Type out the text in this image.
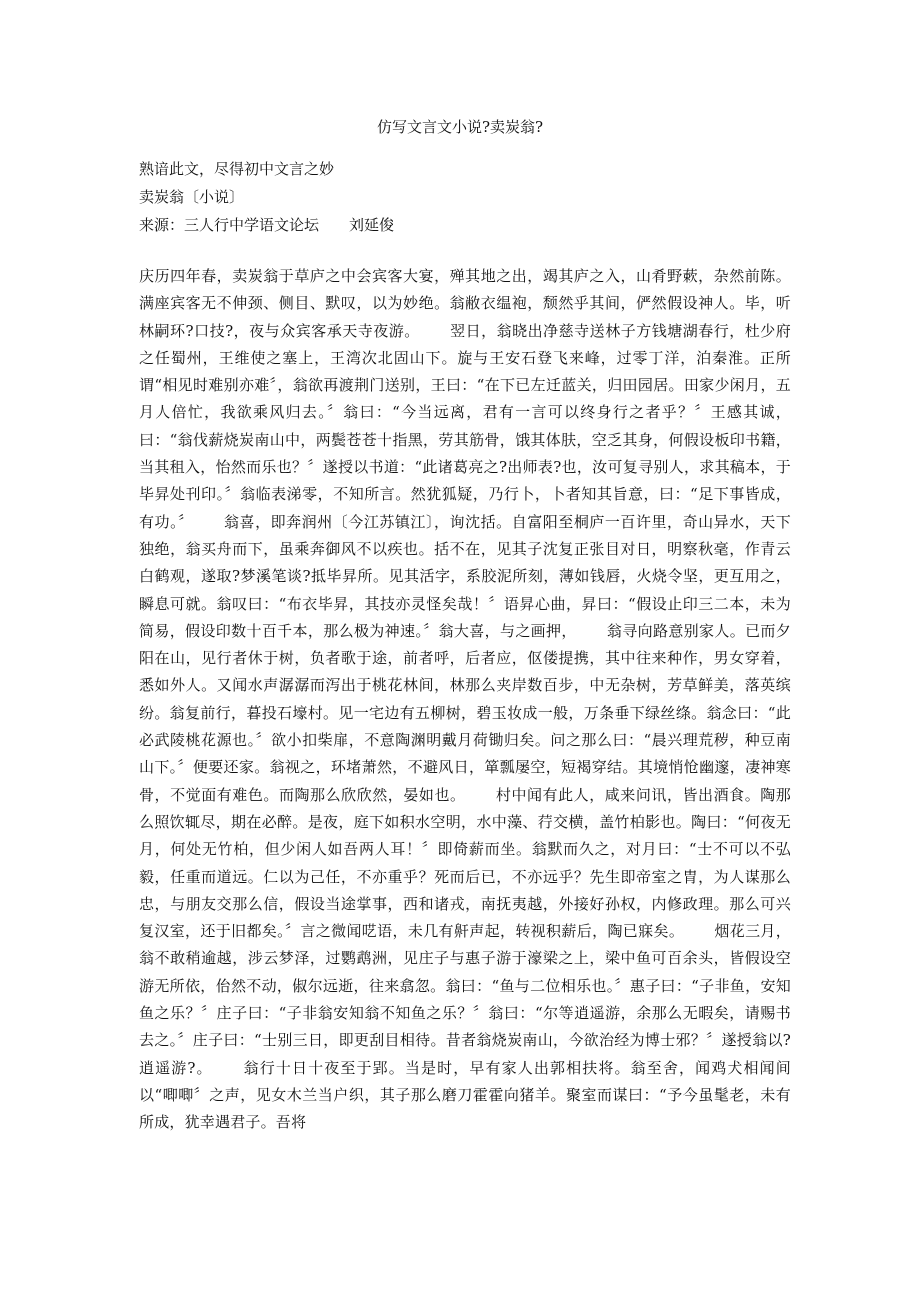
仿写文言文小说?卖炭翁?
熟谙此文，尽得初中文言之妙
卖炭翁〔小说〕
来源：三人行中学语文论坛　　刘延俊

庆历四年春，卖炭翁于草庐之中会宾客大宴，殚其地之出，竭其庐之入，山肴野蔌，杂然前陈。满座宾客无不伸颈、侧目、默叹，以为妙绝。翁敝衣缊袍，颓然乎其间，俨然假设神人。毕，听林嗣环?口技?，夜与众宾客承天寺夜游。 翌日，翁晓出净慈寺送林子方钱塘湖春行，杜少府之任蜀州，王维使之塞上，王湾次北固山下。旋与王安石登飞来峰，过零丁洋，泊秦淮。正所谓“相见时难别亦难〞，翁欲再渡荆门送别，王曰：“在下已左迁蓝关，归田园居。田家少闲月，五月人倍忙，我欲乘风归去。〞翁曰：“今当远离，君有一言可以终身行之者乎？〞王感其诚，曰：“翁伐薪烧炭南山中，两鬓苍苍十指黑，劳其筋骨，饿其体肤，空乏其身，何假设板印书籍，当其租入，怡然而乐也？〞遂授以书道：“此诸葛亮之?出师表?也，汝可复寻别人，求其稿本，于毕昇处刊印。〞翁临表涕零，不知所言。然犹狐疑，乃行卜，卜者知其旨意，曰：“足下事皆成，有功。〞 翁喜，即奔润州〔今江苏镇江〕，询沈括。自富阳至桐庐一百许里，奇山异水，天下独绝，翁买舟而下，虽乘奔御风不以疾也。括不在，见其子沈复正张目对日，明察秋毫，作青云白鹤观，遂取?梦溪笔谈?抵毕昇所。见其活字，系胶泥所刻，薄如钱唇，火烧令坚，更互用之，瞬息可就。翁叹曰：“布衣毕昇，其技亦灵怪矣哉！〞语昇心曲，昇曰：“假设止印三二本，未为简易，假设印数十百千本，那么极为神速。〞翁大喜，与之画押， 翁寻向路意别家人。已而夕阳在山，见行者休于树，负者歌于途，前者呼，后者应，伛偻提携，其中往来种作，男女穿着，悉如外人。又闻水声潺潺而泻出于桃花林间，林那么夹岸数百步，中无杂树，芳草鲜美，落英缤纷。翁复前行，暮投石壕村。见一宅边有五柳树，碧玉妆成一般，万条垂下绿丝绦。翁念曰：“此必武陵桃花源也。〞欲小扣柴扉，不意陶渊明戴月荷锄归矣。问之那么曰：“晨兴理荒秽，种豆南山下。〞便要还家。翁视之，环堵萧然，不避风日，箪瓢屡空，短褐穿结。其境悄怆幽邃，凄神寒骨，不觉面有难色。而陶那么欣欣然，晏如也。 村中闻有此人，咸来问讯，皆出酒食。陶那么照饮辄尽，期在必醉。是夜，庭下如积水空明，水中藻、荇交横，盖竹柏影也。陶曰：“何夜无月，何处无竹柏，但少闲人如吾两人耳！〞即倚薪而坐。翁默而久之，对月曰：“士不可以不弘毅，任重而道远。仁以为己任，不亦重乎？死而后已，不亦远乎？先生即帝室之胄，为人谋那么忠，与朋友交那么信，假设当途掌事，西和诸戎，南抚夷越，外接好孙权，内修政理。那么可兴复汉室，还于旧都矣。〞言之微闻呓语，未几有鼾声起，转视积薪后，陶已寐矣。 烟花三月，翁不敢稍逾越，涉云梦泽，过鹦鹉洲，见庄子与惠子游于濠梁之上，梁中鱼可百余头，皆假设空游无所依，佁然不动，俶尔远逝，往来翕忽。翁曰：“鱼与二位相乐也。〞惠子曰：“子非鱼，安知鱼之乐？〞庄子曰：“子非翁安知翁不知鱼之乐？〞翁曰：“尔等逍遥游，余那么无暇矣，请赐书去之。〞庄子曰：“士别三日，即更刮目相待。昔者翁烧炭南山，今欲治经为博士邪？〞遂授翁以?逍遥游?。 翁行十日十夜至于郢。当是时，早有家人出郭相扶将。翁至舍，闻鸡犬相闻间以“唧唧〞之声，见女木兰当户织，其子那么磨刀霍霍向猪羊。聚室而谋曰：“予今虽髦老，未有所成，犹幸遇君子。吾将
